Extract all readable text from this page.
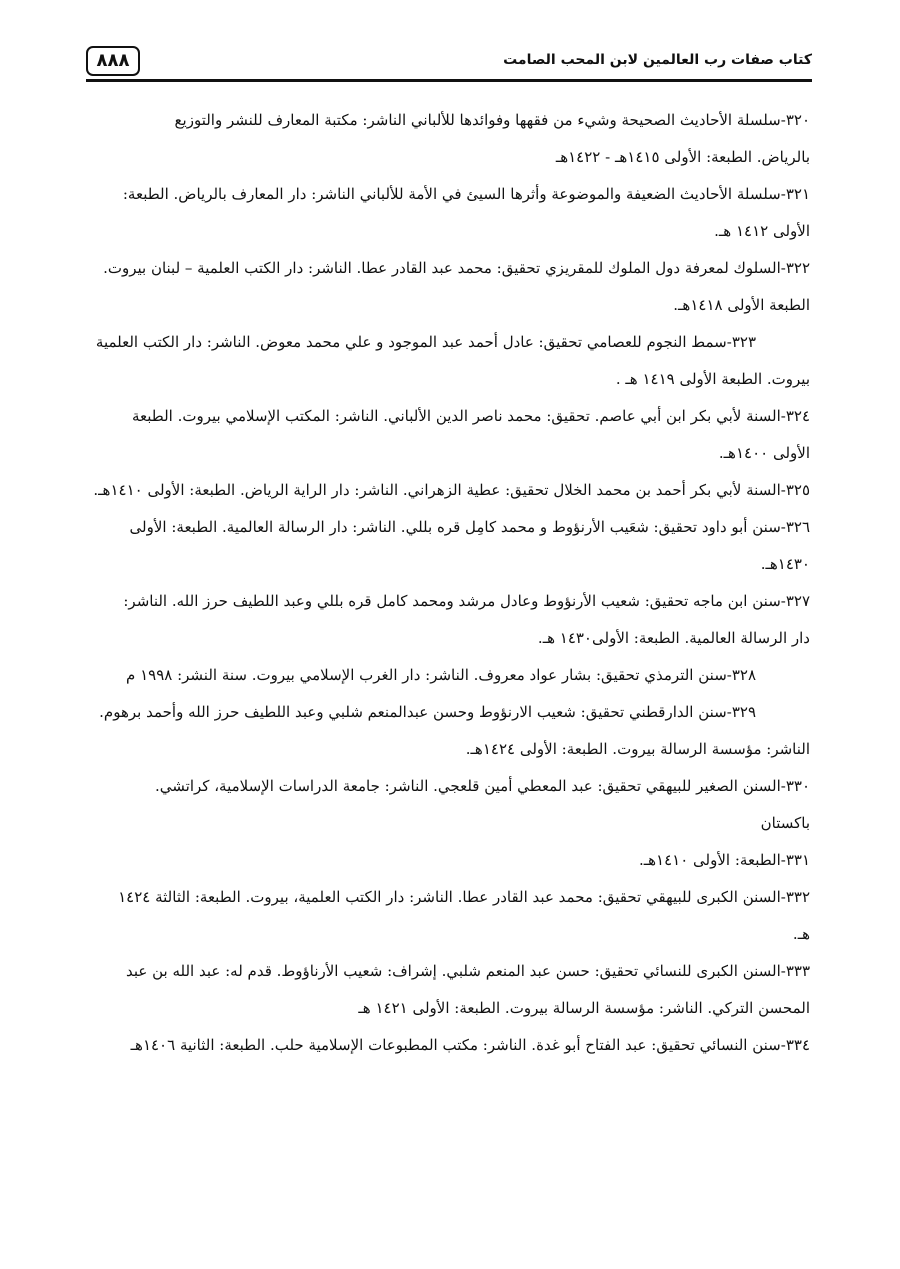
٨٨٨	كتاب صفات رب العالمين لابن المحب الصامت
٣٢٠-سلسلة الأحاديث الصحيحة وشيء من فقهها وفوائدها للألباني الناشر: مكتبة المعارف للنشر والتوزيع
بالرياض. الطبعة: الأولى ١٤١٥هـ - ١٤٢٢هـ
٣٢١-سلسلة الأحاديث الضعيفة والموضوعة وأثرها السيئ في الأمة للألباني الناشر: دار المعارف بالرياض. الطبعة:
الأولى ١٤١٢ هـ.
٣٢٢-السلوك لمعرفة دول الملوك للمقريزي تحقيق: محمد عبد القادر عطا. الناشر: دار الكتب العلمية – لبنان بيروت.
الطبعة الأولى ١٤١٨هـ.
٣٢٣-سمط النجوم للعصامي تحقيق: عادل أحمد عبد الموجود و علي محمد معوض. الناشر: دار الكتب العلمية
بيروت. الطبعة الأولى ١٤١٩ هـ .
٣٢٤-السنة لأبي بكر ابن أبي عاصم. تحقيق: محمد ناصر الدين الألباني. الناشر: المكتب الإسلامي بيروت. الطبعة
الأولى ١٤٠٠هـ.
٣٢٥-السنة لأبي بكر أحمد بن محمد الخلال تحقيق: عطية الزهراني. الناشر: دار الراية الرياض. الطبعة: الأولى ١٤١٠هـ.
٣٢٦-سنن أبو داود تحقيق: شعَيب الأرنؤوط و محمد كامِل قره بللي. الناشر: دار الرسالة العالمية. الطبعة: الأولى
١٤٣٠هـ.
٣٢٧-سنن ابن ماجه تحقيق: شعيب الأرنؤوط وعادل مرشد ومحمد كامل قره بللي وعبد اللطيف حرز الله. الناشر:
دار الرسالة العالمية. الطبعة: الأولى١٤٣٠ هـ.
٣٢٨-سنن الترمذي تحقيق: بشار عواد معروف. الناشر: دار الغرب الإسلامي بيروت. سنة النشر: ١٩٩٨ م
٣٢٩-سنن الدارقطني تحقيق: شعيب الارنؤوط وحسن عبدالمنعم شلبي وعبد اللطيف حرز الله وأحمد برهوم.
الناشر: مؤسسة الرسالة بيروت. الطبعة: الأولى ١٤٢٤هـ.
٣٣٠-السنن الصغير للبيهقي تحقيق: عبد المعطي أمين قلعجي. الناشر: جامعة الدراسات الإسلامية، كراتشي.
باكستان
٣٣١-الطبعة: الأولى ١٤١٠هـ.
٣٣٢-السنن الكبرى للبيهقي تحقيق: محمد عبد القادر عطا. الناشر: دار الكتب العلمية، بيروت. الطبعة: الثالثة ١٤٢٤
هـ.
٣٣٣-السنن الكبرى للنسائي تحقيق: حسن عبد المنعم شلبي. إشراف: شعيب الأرناؤوط. قدم له: عبد الله بن عبد
المحسن التركي. الناشر: مؤسسة الرسالة بيروت. الطبعة: الأولى ١٤٢١ هـ
٣٣٤-سنن النسائي تحقيق: عبد الفتاح أبو غدة. الناشر: مكتب المطبوعات الإسلامية حلب. الطبعة: الثانية ١٤٠٦هـ
